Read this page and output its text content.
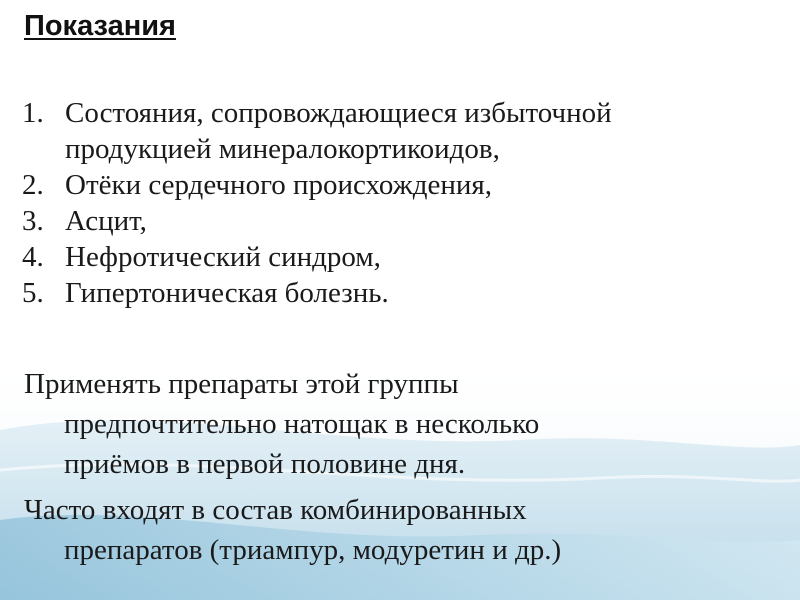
Показания
1. Состояния, сопровождающиеся избыточной
продукцией минералокортикоидов,
2. Отёки сердечного происхождения,
3. Асцит,
4. Нефротический синдром,
5. Гипертоническая болезнь.

Применять препараты этой группы
предпочтительно натощак в несколько
приёмов в первой половине дня.

Часто входят в состав комбинированных
препаратов (триампур, модуретин и др.)
